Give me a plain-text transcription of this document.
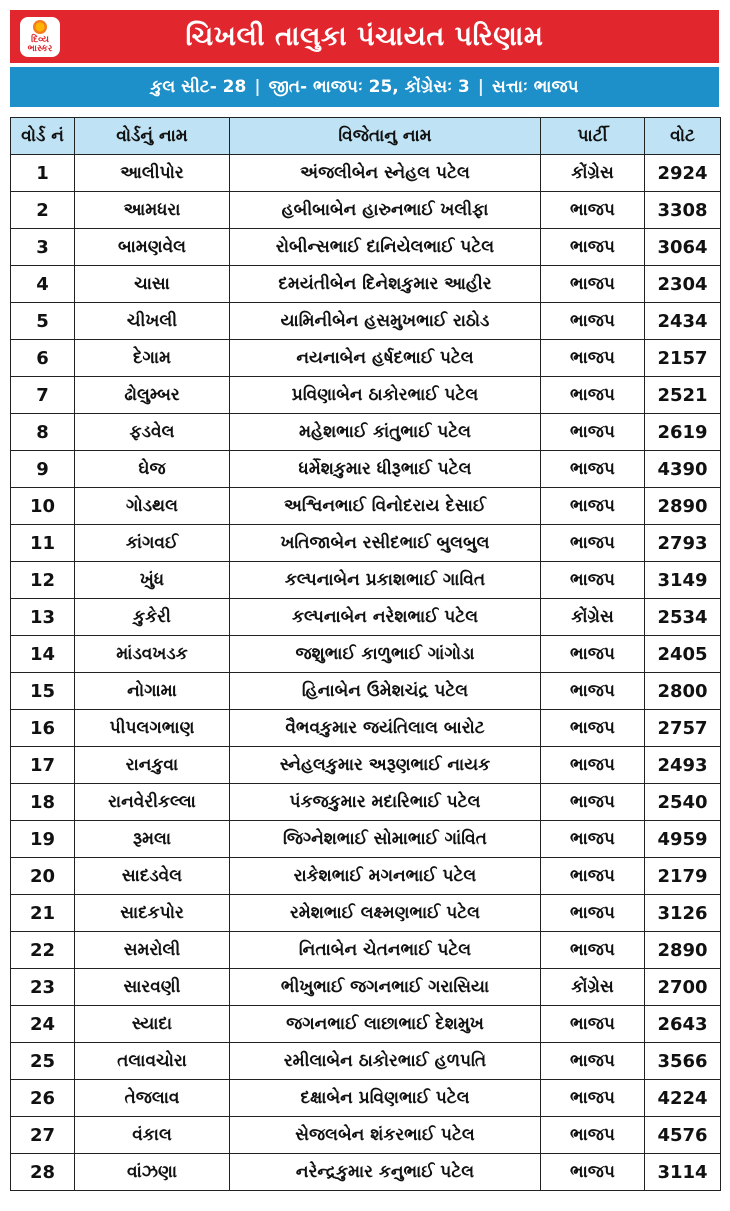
દિવ્ય ભાસ્કર	ચિખલી તાલુકા પંચાયત પરિણામ
કુલ સીટ- 28 | જીત- ભાજપઃ 25, કોંગ્રેસઃ 3 | સત્તાઃ ભાજપ
વોર્ડ નં	વોર્ડનું નામ	વિજેતાનુ નામ	પાર્ટી	વોટ
1	આલીપોર	અંજલીબેન સ્નેહલ પટેલ	કોંગ્રેસ	2924
2	આમધરા	હબીબાબેન હારુનભાઈ ખલીફા	ભાજપ	3308
3	બામણવેલ	રોબીન્સભાઈ દાનિયેલભાઈ પટેલ	ભાજપ	3064
4	ચાસા	દમયંતીબેન દિનેશકુમાર આહીર	ભાજપ	2304
5	ચીખલી	યામિનીબેન હસમુખભાઈ રાઠોડ	ભાજપ	2434
6	દેગામ	નયનાબેન હર્ષદભાઈ પટેલ	ભાજપ	2157
7	ઢોલુમ્બર	પ્રવિણાબેન ઠાકોરભાઈ પટેલ	ભાજપ	2521
8	ફડવેલ	મહેશભાઈ કાંતુભાઈ પટેલ	ભાજપ	2619
9	ઘેજ	ધર્મેશકુમાર ધીરૂભાઈ પટેલ	ભાજપ	4390
10	ગોડથલ	અશ્વિનભાઈ વિનોદરાય દેસાઈ	ભાજપ	2890
11	કાંગવઈ	ખતિજાબેન રસીદભાઈ બુલબુલ	ભાજપ	2793
12	ખુંધ	કલ્પનાબેન પ્રકાશભાઈ ગાવિત	ભાજપ	3149
13	કુકેરી	કલ્પનાબેન નરેશભાઈ પટેલ	કોંગ્રેસ	2534
14	માંડવખડક	જશુભાઈ કાળુભાઈ ગાંગોડા	ભાજપ	2405
15	નોગામા	હિનાબેન ઉમેશચંદ્ર પટેલ	ભાજપ	2800
16	પીપલગભાણ	વૈભવકુમાર જયંતિલાલ બારોટ	ભાજપ	2757
17	રાનકુવા	સ્નેહલકુમાર અરૂણભાઈ નાયક	ભાજપ	2493
18	રાનવેરીકલ્લા	પંકજકુમાર મદારિભાઈ પટેલ	ભાજપ	2540
19	રૂમલા	જિગ્નેશભાઈ સોમાભાઈ ગાંવિત	ભાજપ	4959
20	સાદડવેલ	રાકેશભાઈ મગનભાઈ પટેલ	ભાજપ	2179
21	સાદકપોર	રમેશભાઈ લક્ષ્મણભાઈ પટેલ	ભાજપ	3126
22	સમરોલી	નિતાબેન ચેતનભાઈ પટેલ	ભાજપ	2890
23	સારવણી	ભીખુભાઈ જગનભાઈ ગરાસિયા	કોંગ્રેસ	2700
24	સ્યાદા	જગનભાઈ લાછાભાઈ દેશમુખ	ભાજપ	2643
25	તલાવચોરા	રમીલાબેન ઠાકોરભાઈ હળપતિ	ભાજપ	3566
26	તેજલાવ	દક્ષાબેન પ્રવિણભાઈ પટેલ	ભાજપ	4224
27	વંકાલ	સેજલબેન શંકરભાઈ પટેલ	ભાજપ	4576
28	વાંઝણા	નરેન્દ્રકુમાર કનુભાઈ પટેલ	ભાજપ	3114
